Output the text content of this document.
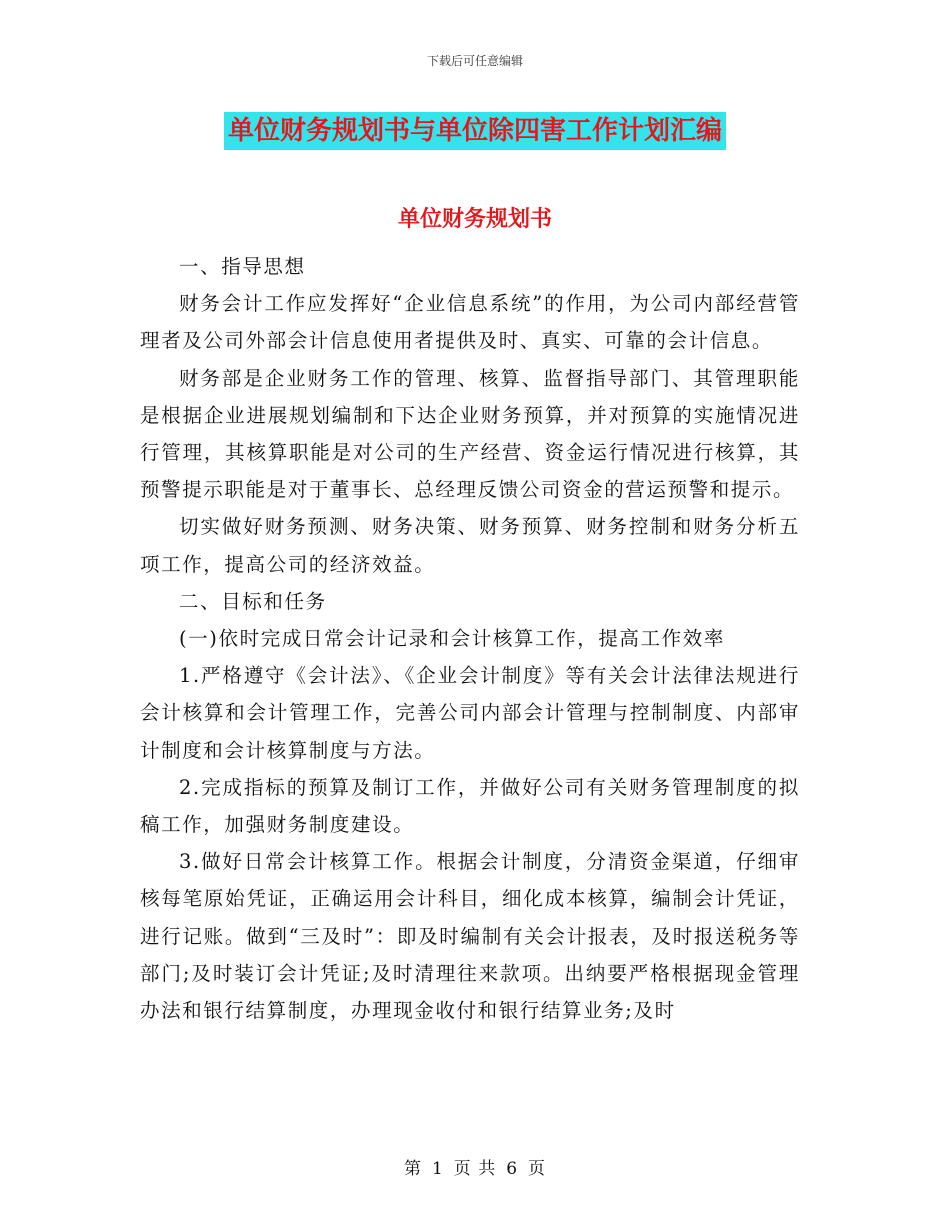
下载后可任意编辑
单位财务规划书与单位除四害工作计划汇编
单位财务规划书

一、指导思想

财务会计工作应发挥好“企业信息系统”的作用，为公司内部经营管理者及公司外部会计信息使用者提供及时、真实、可靠的会计信息。

财务部是企业财务工作的管理、核算、监督指导部门、其管理职能是根据企业进展规划编制和下达企业财务预算，并对预算的实施情况进行管理，其核算职能是对公司的生产经营、资金运行情况进行核算，其预警提示职能是对于董事长、总经理反馈公司资金的营运预警和提示。

切实做好财务预测、财务决策、财务预算、财务控制和财务分析五项工作，提高公司的经济效益。

二、目标和任务

(一)依时完成日常会计记录和会计核算工作，提高工作效率

1.严格遵守《会计法》、《企业会计制度》等有关会计法律法规进行会计核算和会计管理工作，完善公司内部会计管理与控制制度、内部审计制度和会计核算制度与方法。

2.完成指标的预算及制订工作，并做好公司有关财务管理制度的拟稿工作，加强财务制度建设。

3.做好日常会计核算工作。根据会计制度，分清资金渠道，仔细审核每笔原始凭证，正确运用会计科目，细化成本核算，编制会计凭证，进行记账。做到“三及时”：即及时编制有关会计报表，及时报送税务等部门;及时装订会计凭证;及时清理往来款项。出纳要严格根据现金管理办法和银行结算制度，办理现金收付和银行结算业务;及时

第 1 页 共 6 页
